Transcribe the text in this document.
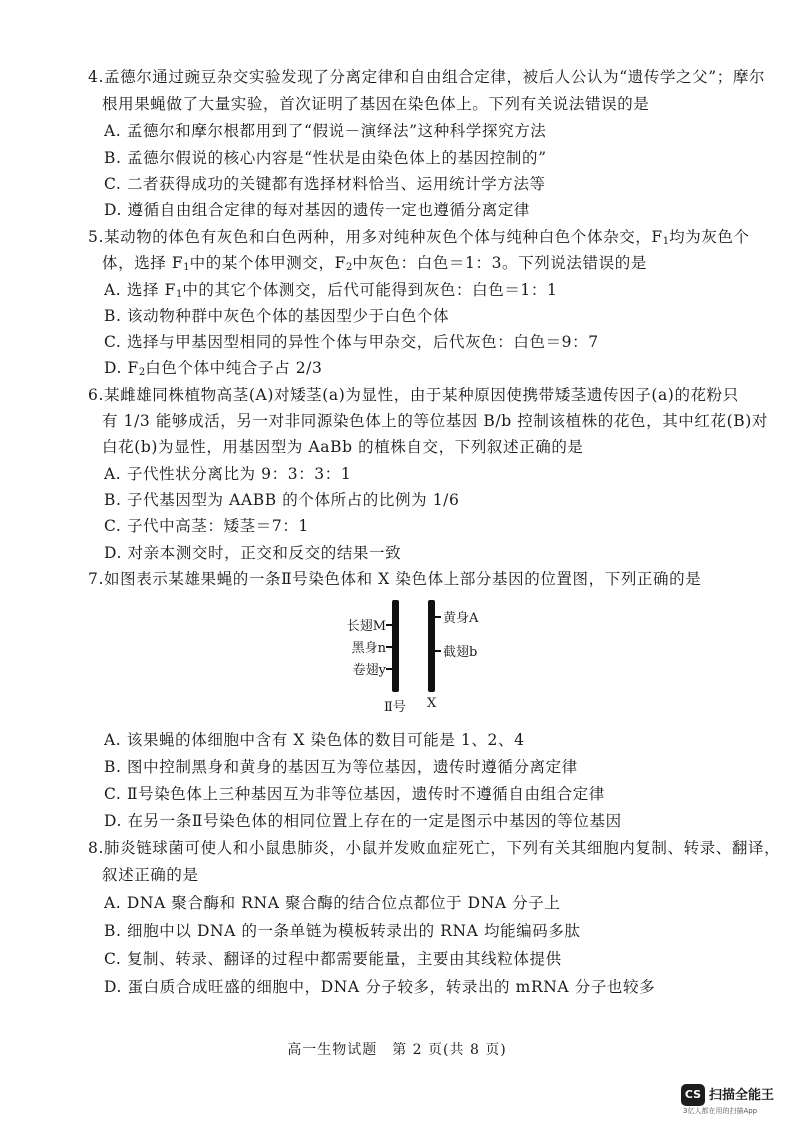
4.孟德尔通过豌豆杂交实验发现了分离定律和自由组合定律，被后人公认为“遗传学之父”；摩尔
根用果蝇做了大量实验，首次证明了基因在染色体上。下列有关说法错误的是
A. 孟德尔和摩尔根都用到了“假说－演绎法”这种科学探究方法
B. 孟德尔假说的核心内容是“性状是由染色体上的基因控制的”
C. 二者获得成功的关键都有选择材料恰当、运用统计学方法等
D. 遵循自由组合定律的每对基因的遗传一定也遵循分离定律
5.某动物的体色有灰色和白色两种，用多对纯种灰色个体与纯种白色个体杂交，$F_1$均为灰色个
体，选择 $F_1$中的某个体甲测交，$F_2$中灰色：白色＝1：3。下列说法错误的是
A. 选择 $F_1$中的其它个体测交，后代可能得到灰色：白色＝1：1
B. 该动物种群中灰色个体的基因型少于白色个体
C. 选择与甲基因型相同的异性个体与甲杂交，后代灰色：白色＝9：7
D. $F_2$白色个体中纯合子占 2/3
6.某雌雄同株植物高茎(A)对矮茎(a)为显性，由于某种原因使携带矮茎遗传因子(a)的花粉只
有 1/3 能够成活，另一对非同源染色体上的等位基因 B/b 控制该植株的花色，其中红花(B)对
白花(b)为显性，用基因型为 AaBb 的植株自交，下列叙述正确的是
A. 子代性状分离比为 9：3：3：1
B. 子代基因型为 AABB 的个体所占的比例为 1/6
C. 子代中高茎：矮茎＝7：1
D. 对亲本测交时，正交和反交的结果一致
7.如图表示某雄果蝇的一条Ⅱ号染色体和 X 染色体上部分基因的位置图，下列正确的是
长翅M
黑身n
卷翅y
黄身A
截翅b
Ⅱ号 X
A. 该果蝇的体细胞中含有 X 染色体的数目可能是 1、2、4
B. 图中控制黑身和黄身的基因互为等位基因，遗传时遵循分离定律
C. Ⅱ号染色体上三种基因互为非等位基因，遗传时不遵循自由组合定律
D. 在另一条Ⅱ号染色体的相同位置上存在的一定是图示中基因的等位基因
8.肺炎链球菌可使人和小鼠患肺炎，小鼠并发败血症死亡，下列有关其细胞内复制、转录、翻译，
叙述正确的是
A. DNA 聚合酶和 RNA 聚合酶的结合位点都位于 DNA 分子上
B. 细胞中以 DNA 的一条单链为模板转录出的 RNA 均能编码多肽
C. 复制、转录、翻译的过程中都需要能量，主要由其线粒体提供
D. 蛋白质合成旺盛的细胞中，DNA 分子较多，转录出的 mRNA 分子也较多
高一生物试题　第 2 页(共 8 页)
CS 扫描全能王
3亿人都在用的扫描App
